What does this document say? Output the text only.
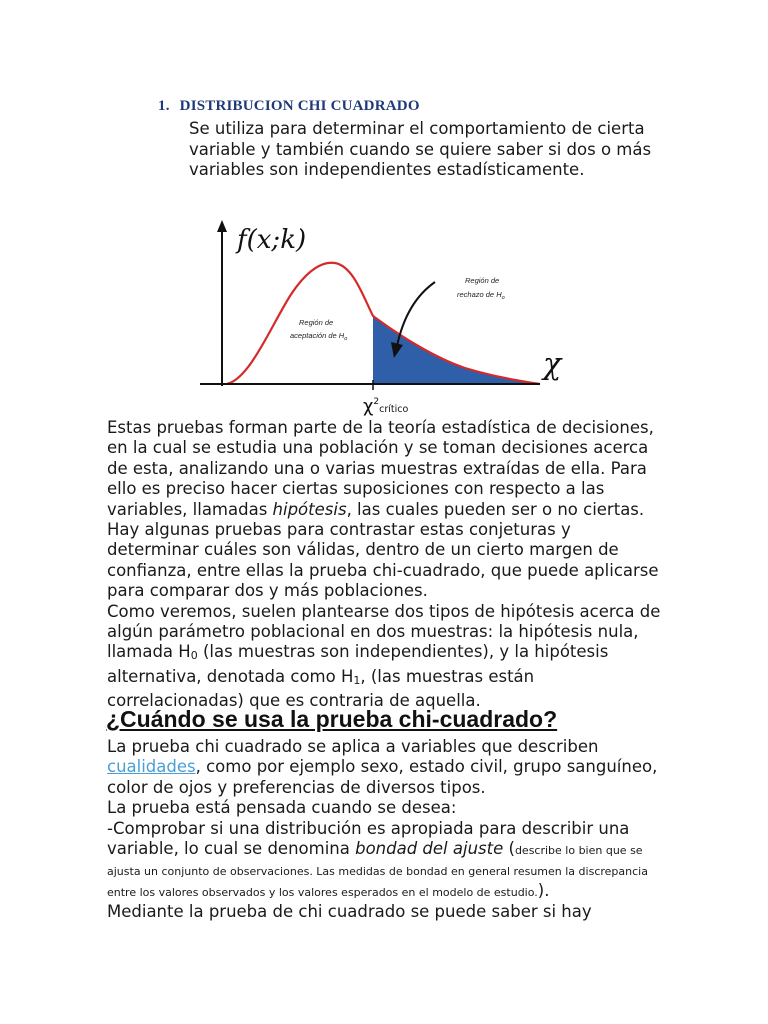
1. DISTRIBUCION CHI CUADRADO
Se utiliza para determinar el comportamiento de cierta variable y también cuando se quiere saber si dos o más variables son independientes estadísticamente.
f(x;k)
χ
Región de
aceptación de $H_o$
Región de
rechazo de $H_o$
$\chi^2_{crítico}$

Estas pruebas forman parte de la teoría estadística de decisiones, en la cual se estudia una población y se toman decisiones acerca de esta, analizando una o varias muestras extraídas de ella. Para ello es preciso hacer ciertas suposiciones con respecto a las variables, llamadas hipótesis, las cuales pueden ser o no ciertas. Hay algunas pruebas para contrastar estas conjeturas y determinar cuáles son válidas, dentro de un cierto margen de confianza, entre ellas la prueba chi-cuadrado, que puede aplicarse para comparar dos y más poblaciones.

Como veremos, suelen plantearse dos tipos de hipótesis acerca de algún parámetro poblacional en dos muestras: la hipótesis nula, llamada H0 (las muestras son independientes), y la hipótesis alternativa, denotada como H1, (las muestras están correlacionadas) que es contraria de aquella.

¿Cuándo se usa la prueba chi-cuadrado?

La prueba chi cuadrado se aplica a variables que describen cualidades, como por ejemplo sexo, estado civil, grupo sanguíneo, color de ojos y preferencias de diversos tipos.

La prueba está pensada cuando se desea:

-Comprobar si una distribución es apropiada para describir una variable, lo cual se denomina bondad del ajuste (describe lo bien que se ajusta un conjunto de observaciones. Las medidas de bondad en general resumen la discrepancia entre los valores observados y los valores esperados en el modelo de estudio.).

Mediante la prueba de chi cuadrado se puede saber si hay
